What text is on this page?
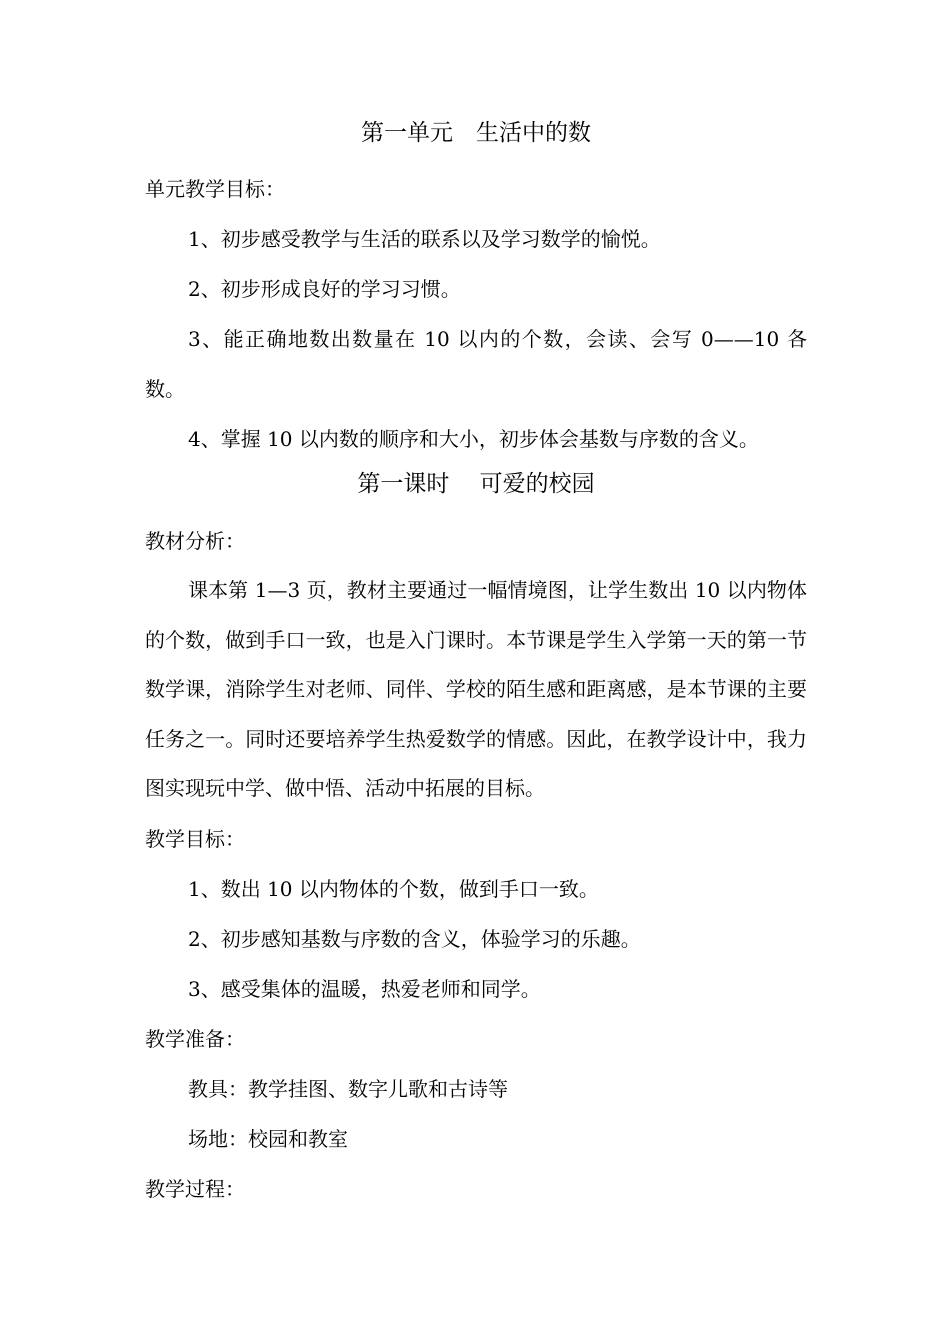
第一单元　生活中的数
单元教学目标：
1、初步感受教学与生活的联系以及学习数学的愉悦。
2、初步形成良好的学习习惯。
3、能正确地数出数量在 10 以内的个数，会读、会写 0——10 各数。
4、掌握 10 以内数的顺序和大小，初步体会基数与序数的含义。
第一课时　 可爱的校园
教材分析：
课本第 1—3 页，教材主要通过一幅情境图，让学生数出 10 以内物体的个数，做到手口一致，也是入门课时。本节课是学生入学第一天的第一节数学课，消除学生对老师、同伴、学校的陌生感和距离感，是本节课的主要任务之一。同时还要培养学生热爱数学的情感。因此，在教学设计中，我力图实现玩中学、做中悟、活动中拓展的目标。
教学目标：
1、数出 10 以内物体的个数，做到手口一致。
2、初步感知基数与序数的含义，体验学习的乐趣。
3、感受集体的温暖，热爱老师和同学。
教学准备：
教具：教学挂图、数字儿歌和古诗等
场地：校园和教室
教学过程：
